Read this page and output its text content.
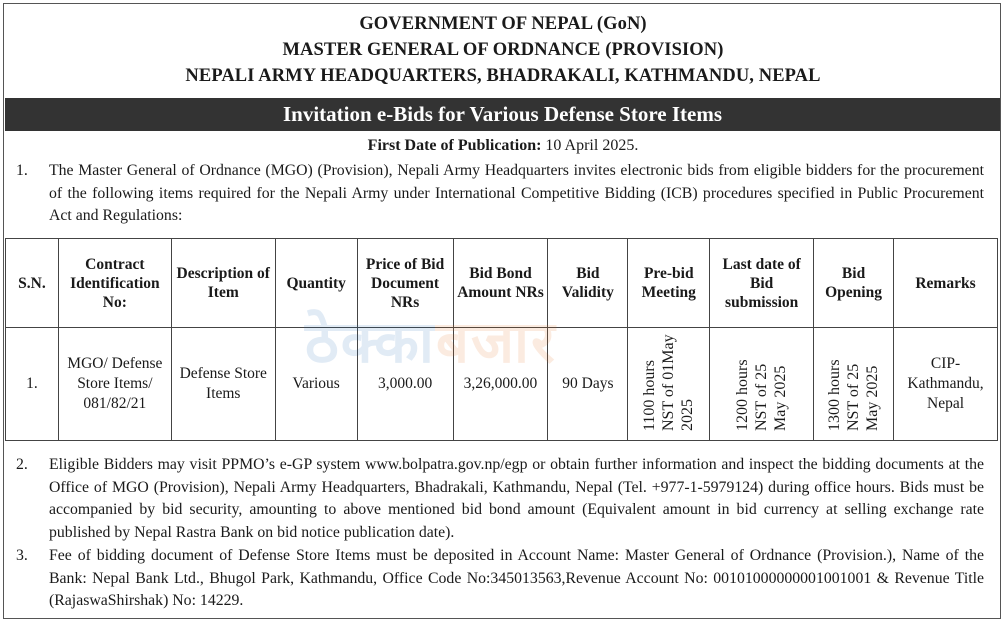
GOVERNMENT OF NEPAL (GoN)
MASTER GENERAL OF ORDNANCE (PROVISION)
NEPALI ARMY HEADQUARTERS, BHADRAKALI, KATHMANDU, NEPAL
Invitation e-Bids for Various Defense Store Items
First Date of Publication: 10 April 2025.
1. The Master General of Ordnance (MGO) (Provision), Nepali Army Headquarters invites electronic bids from eligible bidders for the procurement of the following items required for the Nepali Army under International Competitive Bidding (ICB) procedures specified in Public Procurement Act and Regulations:
S.N.	Contract Identification No:	Description of Item	Quantity	Price of Bid Document NRs	Bid Bond Amount NRs	Bid Validity	Pre-bid Meeting	Last date of Bid submission	Bid Opening	Remarks
1.	MGO/ Defense Store Items/ 081/82/21	Defense Store Items	Various	3,000.00	3,26,000.00	90 Days	1100 hours NST of 01May 2025	1200 hours NST of 25 May 2025	1300 hours NST of 25 May 2025	CIP-Kathmandu, Nepal
ठेक्काबजार
2. Eligible Bidders may visit PPMO’s e-GP system www.bolpatra.gov.np/egp or obtain further information and inspect the bidding documents at the Office of MGO (Provision), Nepali Army Headquarters, Bhadrakali, Kathmandu, Nepal (Tel. +977-1-5979124) during office hours. Bids must be accompanied by bid security, amounting to above mentioned bid bond amount (Equivalent amount in bid currency at selling exchange rate published by Nepal Rastra Bank on bid notice publication date).
3. Fee of bidding document of Defense Store Items must be deposited in Account Name: Master General of Ordnance (Provision.), Name of the Bank: Nepal Bank Ltd., Bhugol Park, Kathmandu, Office Code No:345013563,Revenue Account No: 00101000000001001001 & Revenue Title (RajaswaShirshak) No: 14229.
